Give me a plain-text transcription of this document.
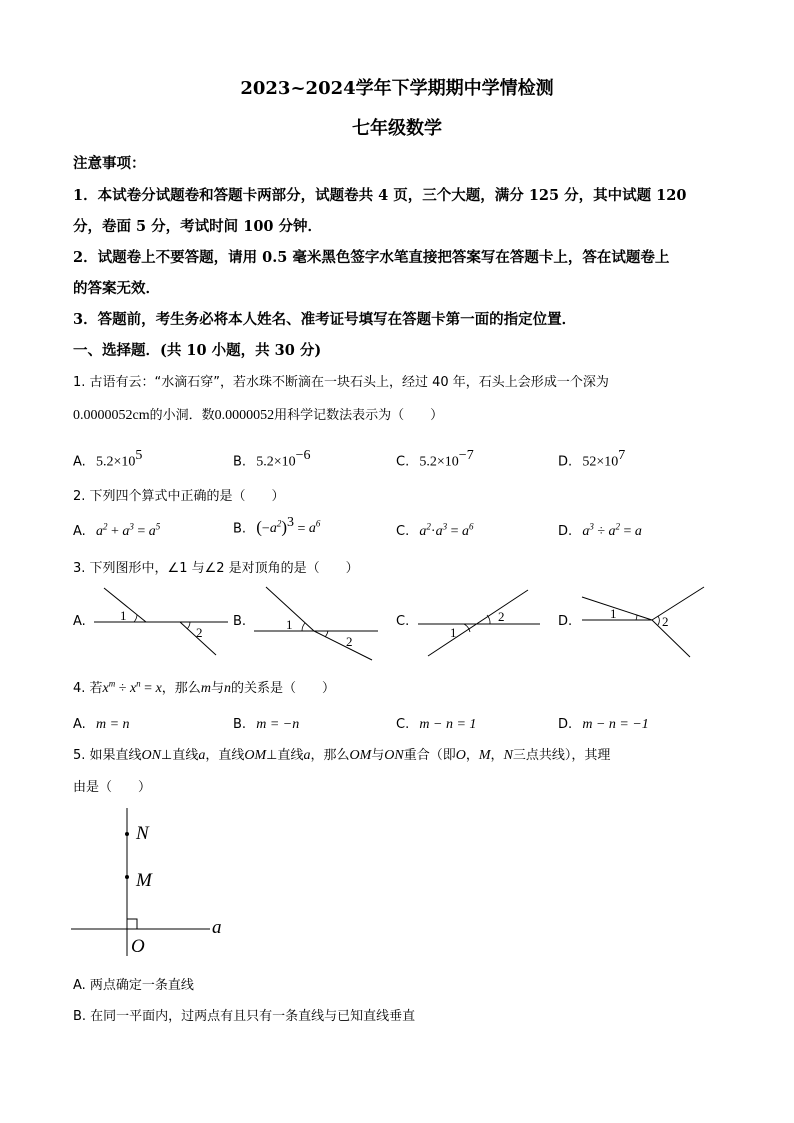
2023~2024学年下学期期中学情检测
七年级数学
注意事项：
1．本试卷分试题卷和答题卡两部分，试题卷共 4 页，三个大题，满分 125 分，其中试题 120
分，卷面 5 分，考试时间 100 分钟．
2．试题卷上不要答题，请用 0.5 毫米黑色签字水笔直接把答案写在答题卡上，答在试题卷上
的答案无效．
3．答题前，考生务必将本人姓名、准考证号填写在答题卡第一面的指定位置．
一、选择题．(共 10 小题，共 30 分)
1. 古语有云：“水滴石穿”，若水珠不断滴在一块石头上，经过 40 年，石头上会形成一个深为
0.0000052cm的小洞．数0.0000052用科学记数法表示为（　　）
A. $5.2\times 10^5$	B. $5.2\times 10^{-6}$	C. $5.2\times 10^{-7}$	D. $52\times 10^7$
2. 下列四个算式中正确的是（　　）
A. $a^2 + a^3 = a^5$	B. $(-a^2)^3 = a^6$
C. $a^2\cdot a^3 = a^6$	D. $a^3 \div a^2 = a$
3. 下列图形中，∠1 与∠2 是对顶角的是（　　）
A.	1
2
B.	1
2
C.
1
2	D.
1
2
4. 若$x^m \div x^n = x$，那么m与n的关系是（　　）
A. m = n	B. m = −n	C. m − n = 1	D. m − n = −1
5. 如果直线ON⊥直线a，直线OM⊥直线a，那么OM与ON重合（即O，M，N三点共线），其理
由是（　　）
N
M
O
a
A. 两点确定一条直线
B. 在同一平面内，过两点有且只有一条直线与已知直线垂直
